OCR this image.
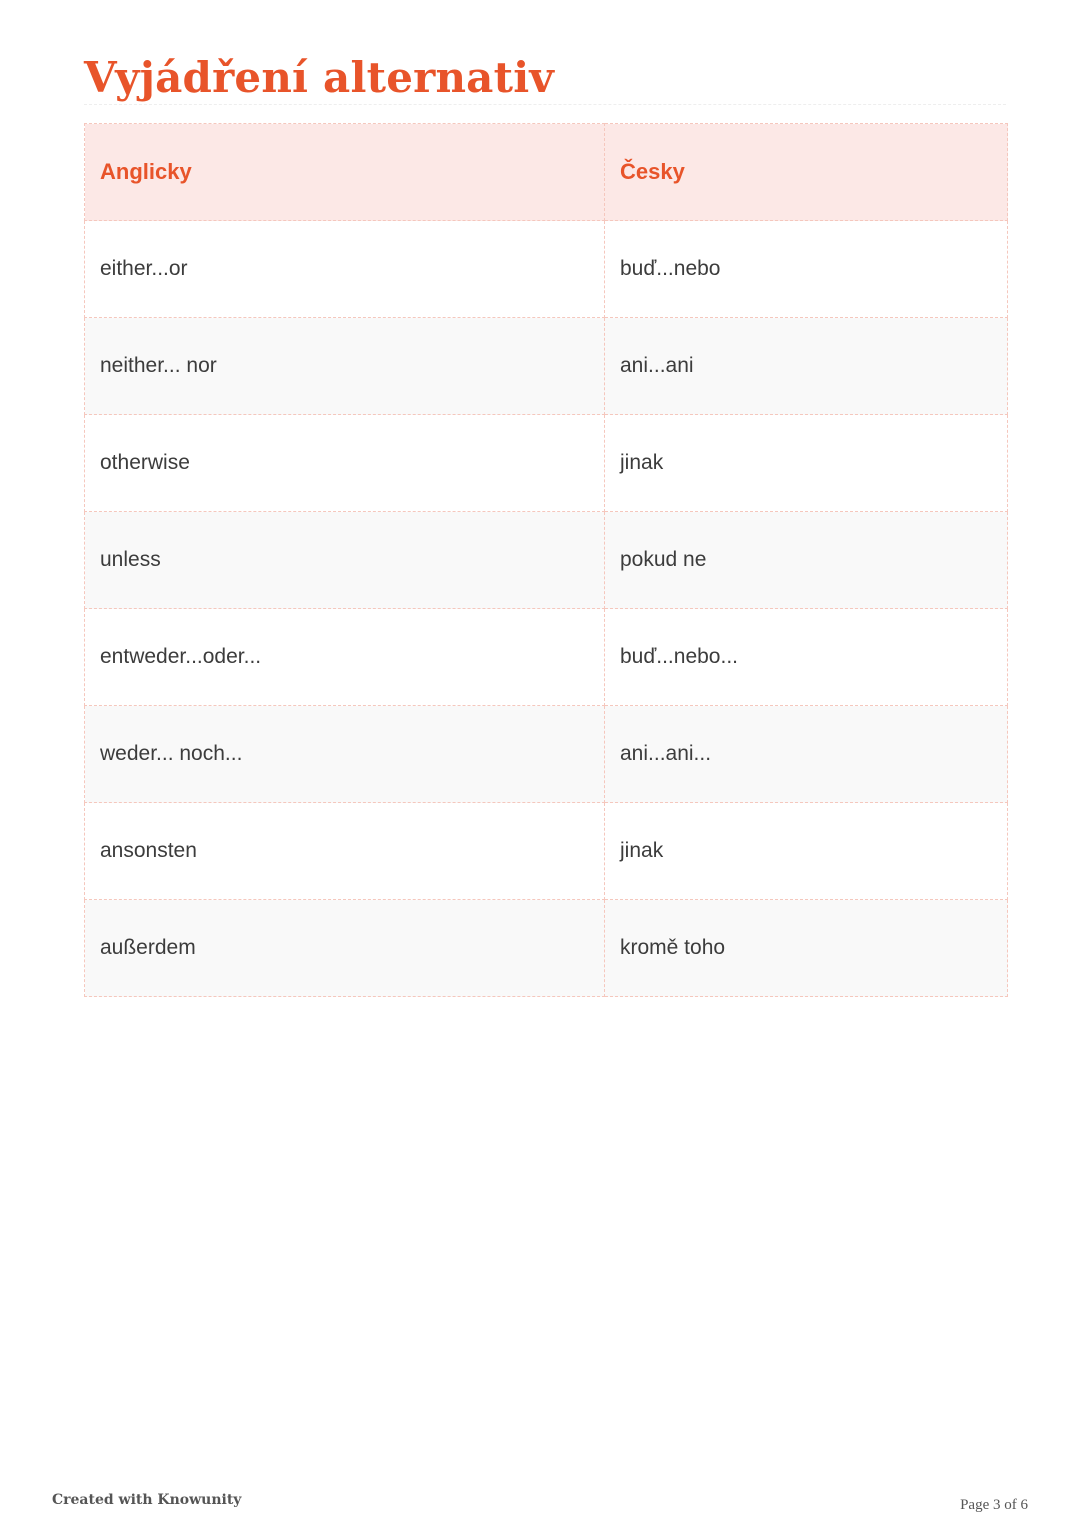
Vyjádření alternativ
Anglicky	Česky
either...or	buď...nebo
neither... nor	ani...ani
otherwise	jinak
unless	pokud ne
entweder...oder...	buď...nebo...
weder... noch...	ani...ani...
ansonsten	jinak
außerdem	kromě toho
Created with Knowunity	Page 3 of 6
